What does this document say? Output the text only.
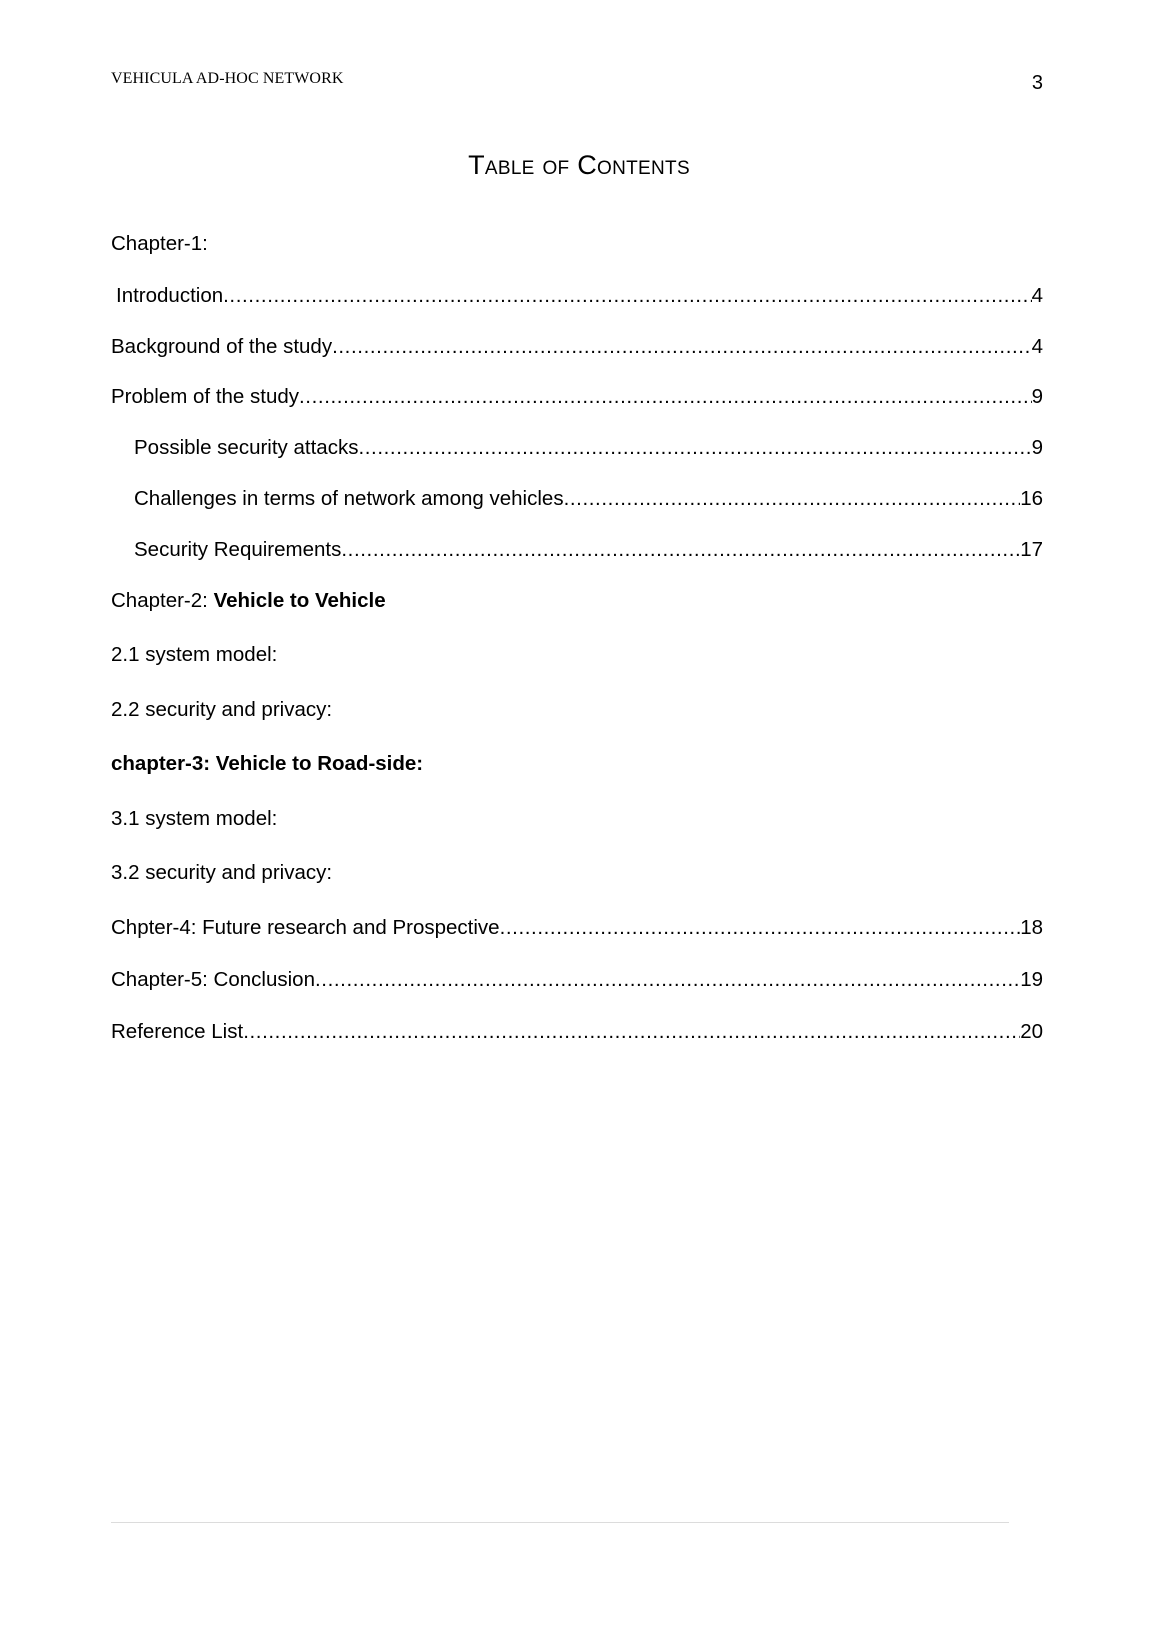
VEHICULA AD-HOC NETWORK	3
Table of Contents
Chapter-1:
Introduction .....	4
Background of the study .....	4
Problem of the study .....	9
Possible security attacks .....	9
Challenges in terms of network among vehicles .....	16
Security Requirements .....	17
Chapter-2: Vehicle to Vehicle
2.1 system model:
2.2 security and privacy:
chapter-3: Vehicle to Road-side:
3.1 system model:
3.2 security and privacy:
Chpter-4: Future research and Prospective .....	18
Chapter-5: Conclusion .....	19
Reference List .....	20
